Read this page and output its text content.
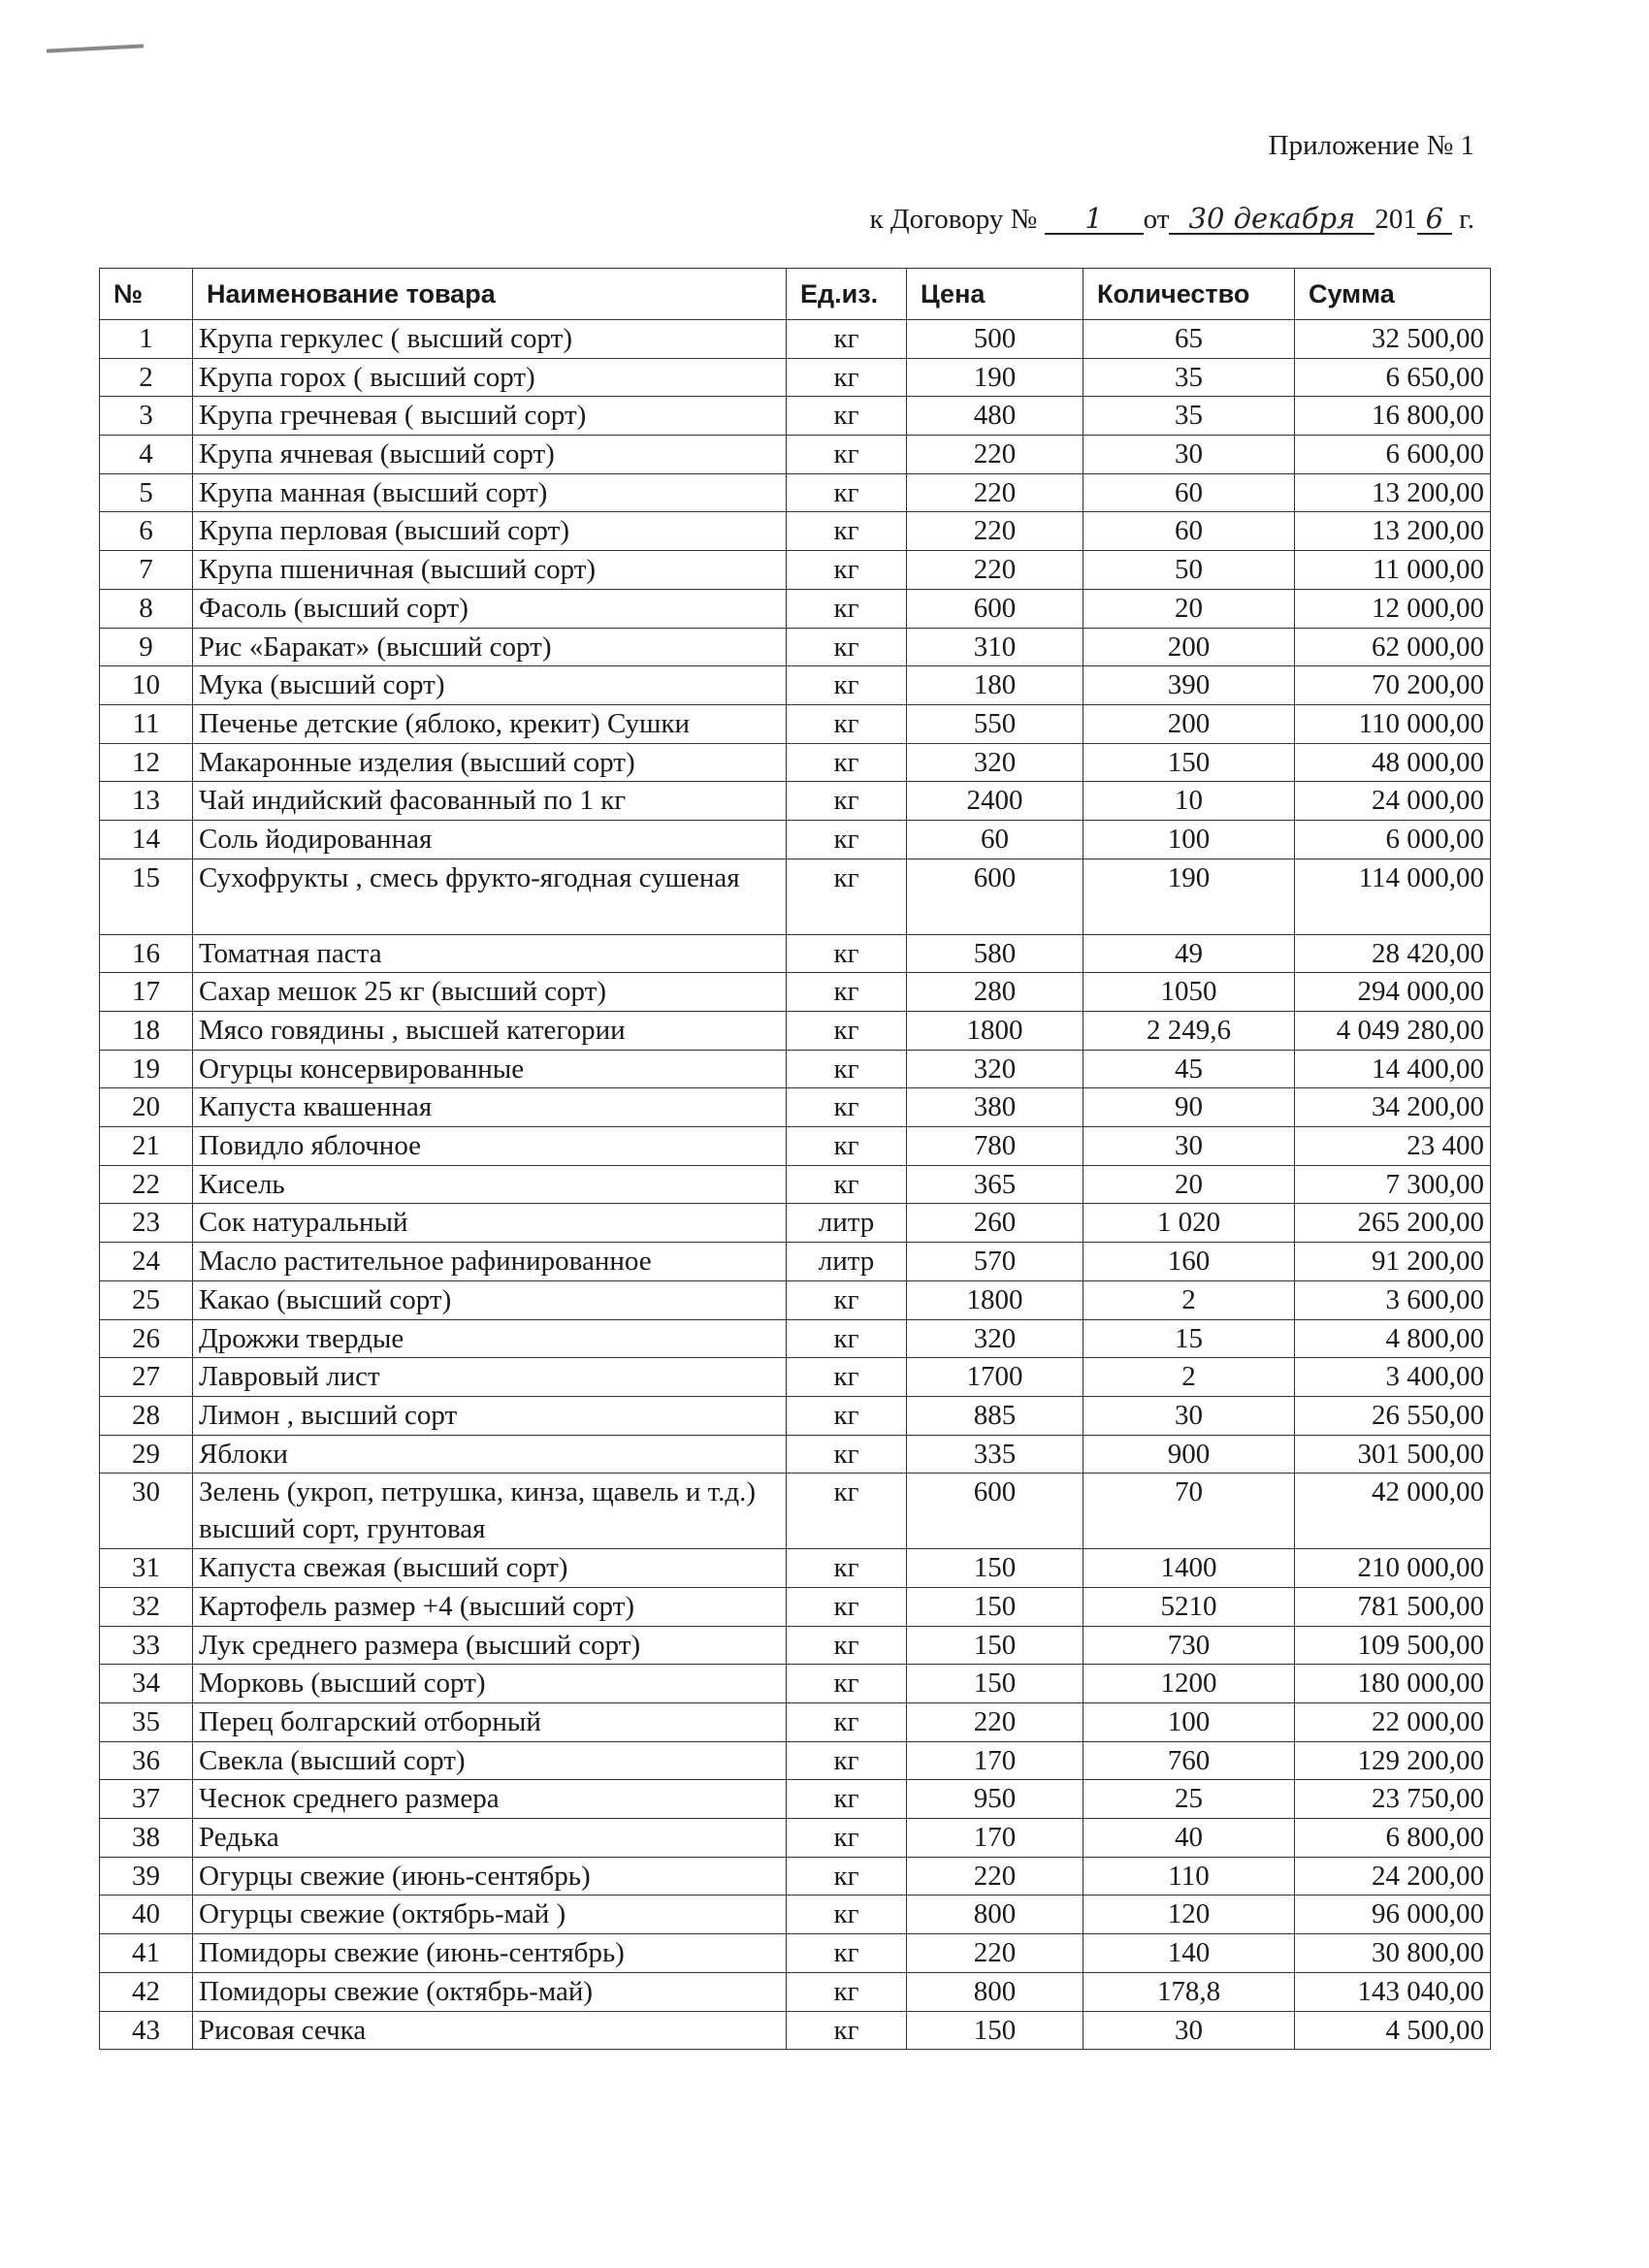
Приложение № 1
к Договору № 1 от 30 декабря 201 6 г.
№	Наименование товара	Ед.из.	Цена	Количество	Сумма
1	Крупа геркулес ( высший сорт)	кг	500	65	32 500,00
2	Крупа горох ( высший сорт)	кг	190	35	6 650,00
3	Крупа гречневая ( высший сорт)	кг	480	35	16 800,00
4	Крупа ячневая (высший сорт)	кг	220	30	6 600,00
5	Крупа манная (высший сорт)	кг	220	60	13 200,00
6	Крупа перловая (высший сорт)	кг	220	60	13 200,00
7	Крупа пшеничная (высший сорт)	кг	220	50	11 000,00
8	Фасоль (высший сорт)	кг	600	20	12 000,00
9	Рис «Баракат» (высший сорт)	кг	310	200	62 000,00
10	Мука (высший сорт)	кг	180	390	70 200,00
11	Печенье детские (яблоко, крекит) Сушки	кг	550	200	110 000,00
12	Макаронные изделия (высший сорт)	кг	320	150	48 000,00
13	Чай индийский фасованный по 1 кг	кг	2400	10	24 000,00
14	Соль йодированная	кг	60	100	6 000,00
15	Сухофрукты , смесь фрукто-ягодная сушеная	кг	600	190	114 000,00
16	Томатная паста	кг	580	49	28 420,00
17	Сахар мешок 25 кг (высший сорт)	кг	280	1050	294 000,00
18	Мясо говядины , высшей категории	кг	1800	2 249,6	4 049 280,00
19	Огурцы консервированные	кг	320	45	14 400,00
20	Капуста квашенная	кг	380	90	34 200,00
21	Повидло яблочное	кг	780	30	23 400
22	Кисель	кг	365	20	7 300,00
23	Сок натуральный	литр	260	1 020	265 200,00
24	Масло растительное рафинированное	литр	570	160	91 200,00
25	Какао (высший сорт)	кг	1800	2	3 600,00
26	Дрожжи твердые	кг	320	15	4 800,00
27	Лавровый лист	кг	1700	2	3 400,00
28	Лимон , высший сорт	кг	885	30	26 550,00
29	Яблоки	кг	335	900	301 500,00
30	Зелень (укроп, петрушка, кинза, щавель и т.д.) высший сорт, грунтовая	кг	600	70	42 000,00
31	Капуста свежая (высший сорт)	кг	150	1400	210 000,00
32	Картофель размер +4 (высший сорт)	кг	150	5210	781 500,00
33	Лук среднего размера (высший сорт)	кг	150	730	109 500,00
34	Морковь (высший сорт)	кг	150	1200	180 000,00
35	Перец болгарский отборный	кг	220	100	22 000,00
36	Свекла (высший сорт)	кг	170	760	129 200,00
37	Чеснок среднего размера	кг	950	25	23 750,00
38	Редька	кг	170	40	6 800,00
39	Огурцы свежие (июнь-сентябрь)	кг	220	110	24 200,00
40	Огурцы свежие (октябрь-май )	кг	800	120	96 000,00
41	Помидоры свежие (июнь-сентябрь)	кг	220	140	30 800,00
42	Помидоры свежие (октябрь-май)	кг	800	178,8	143 040,00
43	Рисовая сечка	кг	150	30	4 500,00
